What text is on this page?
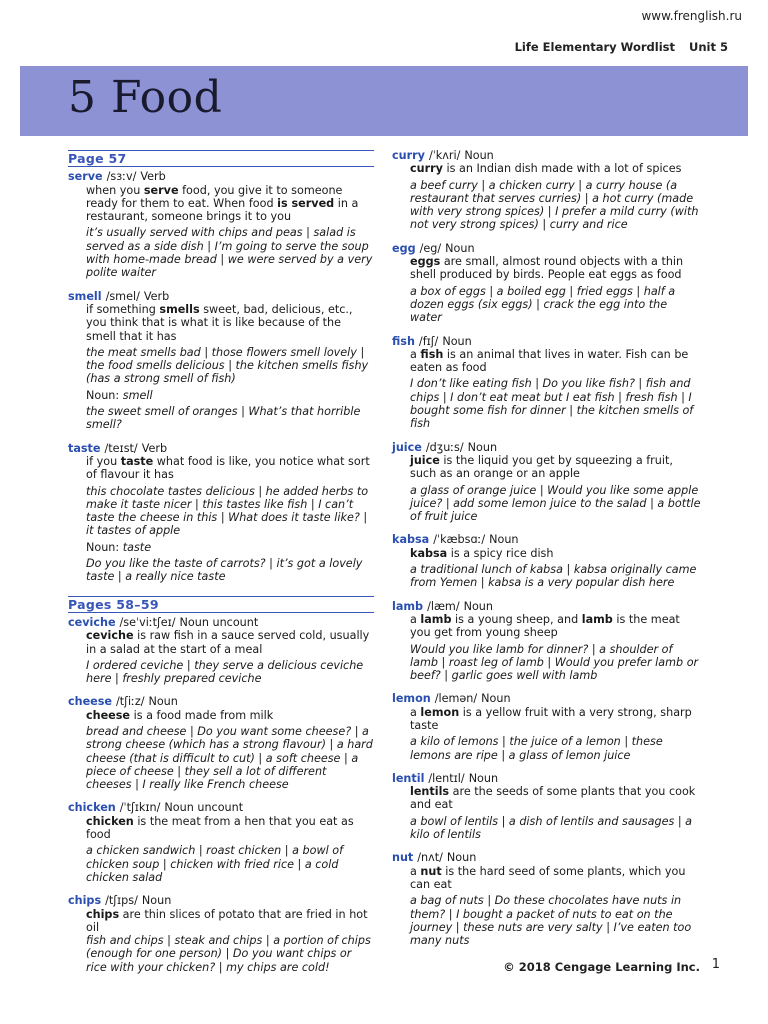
www.frenglish.ru
Life Elementary Wordlist Unit 5
5 Food
Page 57
serve /sɜːv/ Verb
when you serve food, you give it to someone ready for them to eat. When food is served in a restaurant, someone brings it to you
it’s usually served with chips and peas | salad is served as a side dish | I’m going to serve the soup with home-made bread | we were served by a very polite waiter
smell /smel/ Verb
if something smells sweet, bad, delicious, etc., you think that is what it is like because of the smell that it has
the meat smells bad | those flowers smell lovely | the food smells delicious | the kitchen smells fishy (has a strong smell of fish)
Noun: smell
the sweet smell of oranges | What’s that horrible smell?
taste /teɪst/ Verb
if you taste what food is like, you notice what sort of flavour it has
this chocolate tastes delicious | he added herbs to make it taste nicer | this tastes like fish | I can’t taste the cheese in this | What does it taste like? | it tastes of apple
Noun: taste
Do you like the taste of carrots? | it’s got a lovely taste | a really nice taste
Pages 58–59
ceviche /seˈviːtʃeɪ/ Noun uncount
ceviche is raw fish in a sauce served cold, usually in a salad at the start of a meal
I ordered ceviche | they serve a delicious ceviche here | freshly prepared ceviche
cheese /tʃiːz/ Noun
cheese is a food made from milk
bread and cheese | Do you want some cheese? | a strong cheese (which has a strong flavour) | a hard cheese (that is difficult to cut) | a soft cheese | a piece of cheese | they sell a lot of different cheeses | I really like French cheese
chicken /ˈtʃɪkɪn/ Noun uncount
chicken is the meat from a hen that you eat as food
a chicken sandwich | roast chicken | a bowl of chicken soup | chicken with fried rice | a cold chicken salad
chips /tʃɪps/ Noun
chips are thin slices of potato that are fried in hot oil
fish and chips | steak and chips | a portion of chips (enough for one person) | Do you want chips or rice with your chicken? | my chips are cold!
curry /ˈkʌri/ Noun
curry is an Indian dish made with a lot of spices
a beef curry | a chicken curry | a curry house (a restaurant that serves curries) | a hot curry (made with very strong spices) | I prefer a mild curry (with not very strong spices) | curry and rice
egg /eg/ Noun
eggs are small, almost round objects with a thin shell produced by birds. People eat eggs as food
a box of eggs | a boiled egg | fried eggs | half a dozen eggs (six eggs) | crack the egg into the water
fish /fɪʃ/ Noun
a fish is an animal that lives in water. Fish can be eaten as food
I don’t like eating fish | Do you like fish? | fish and chips | I don’t eat meat but I eat fish | fresh fish | I bought some fish for dinner | the kitchen smells of fish
juice /dʒuːs/ Noun
juice is the liquid you get by squeezing a fruit, such as an orange or an apple
a glass of orange juice | Would you like some apple juice? | add some lemon juice to the salad | a bottle of fruit juice
kabsa /ˈkæbsɑː/ Noun
kabsa is a spicy rice dish
a traditional lunch of kabsa | kabsa originally came from Yemen | kabsa is a very popular dish here
lamb /læm/ Noun
a lamb is a young sheep, and lamb is the meat you get from young sheep
Would you like lamb for dinner? | a shoulder of lamb | roast leg of lamb | Would you prefer lamb or beef? | garlic goes well with lamb
lemon /lemən/ Noun
a lemon is a yellow fruit with a very strong, sharp taste
a kilo of lemons | the juice of a lemon | these lemons are ripe | a glass of lemon juice
lentil /lentɪl/ Noun
lentils are the seeds of some plants that you cook and eat
a bowl of lentils | a dish of lentils and sausages | a kilo of lentils
nut /nʌt/ Noun
a nut is the hard seed of some plants, which you can eat
a bag of nuts | Do these chocolates have nuts in them? | I bought a packet of nuts to eat on the journey | these nuts are very salty | I’ve eaten too many nuts
© 2018 Cengage Learning Inc. 1
